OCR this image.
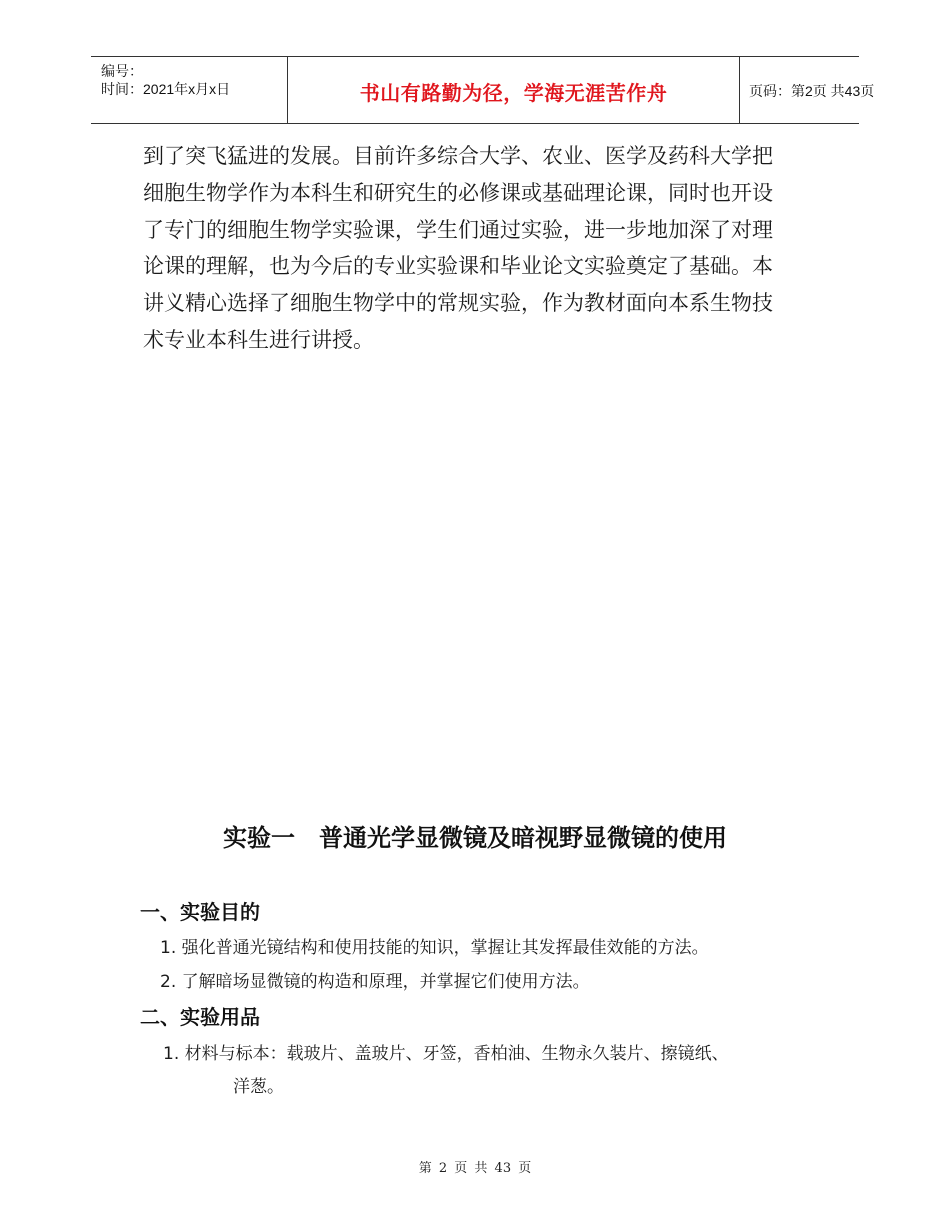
编号：
时间：2021年x月x日	书山有路勤为径，学海无涯苦作舟	页码：第2页 共43页
到了突飞猛进的发展。目前许多综合大学、农业、医学及药科大学把
细胞生物学作为本科生和研究生的必修课或基础理论课，同时也开设
了专门的细胞生物学实验课，学生们通过实验，进一步地加深了对理
论课的理解，也为今后的专业实验课和毕业论文实验奠定了基础。本
讲义精心选择了细胞生物学中的常规实验，作为教材面向本系生物技
术专业本科生进行讲授。
实验一　普通光学显微镜及暗视野显微镜的使用
一、实验目的
1. 强化普通光镜结构和使用技能的知识，掌握让其发挥最佳效能的方法。
2. 了解暗场显微镜的构造和原理，并掌握它们使用方法。
二、实验用品
1. 材料与标本：载玻片、盖玻片、牙签，香柏油、生物永久装片、擦镜纸、
洋葱。
第 2 页 共 43 页
